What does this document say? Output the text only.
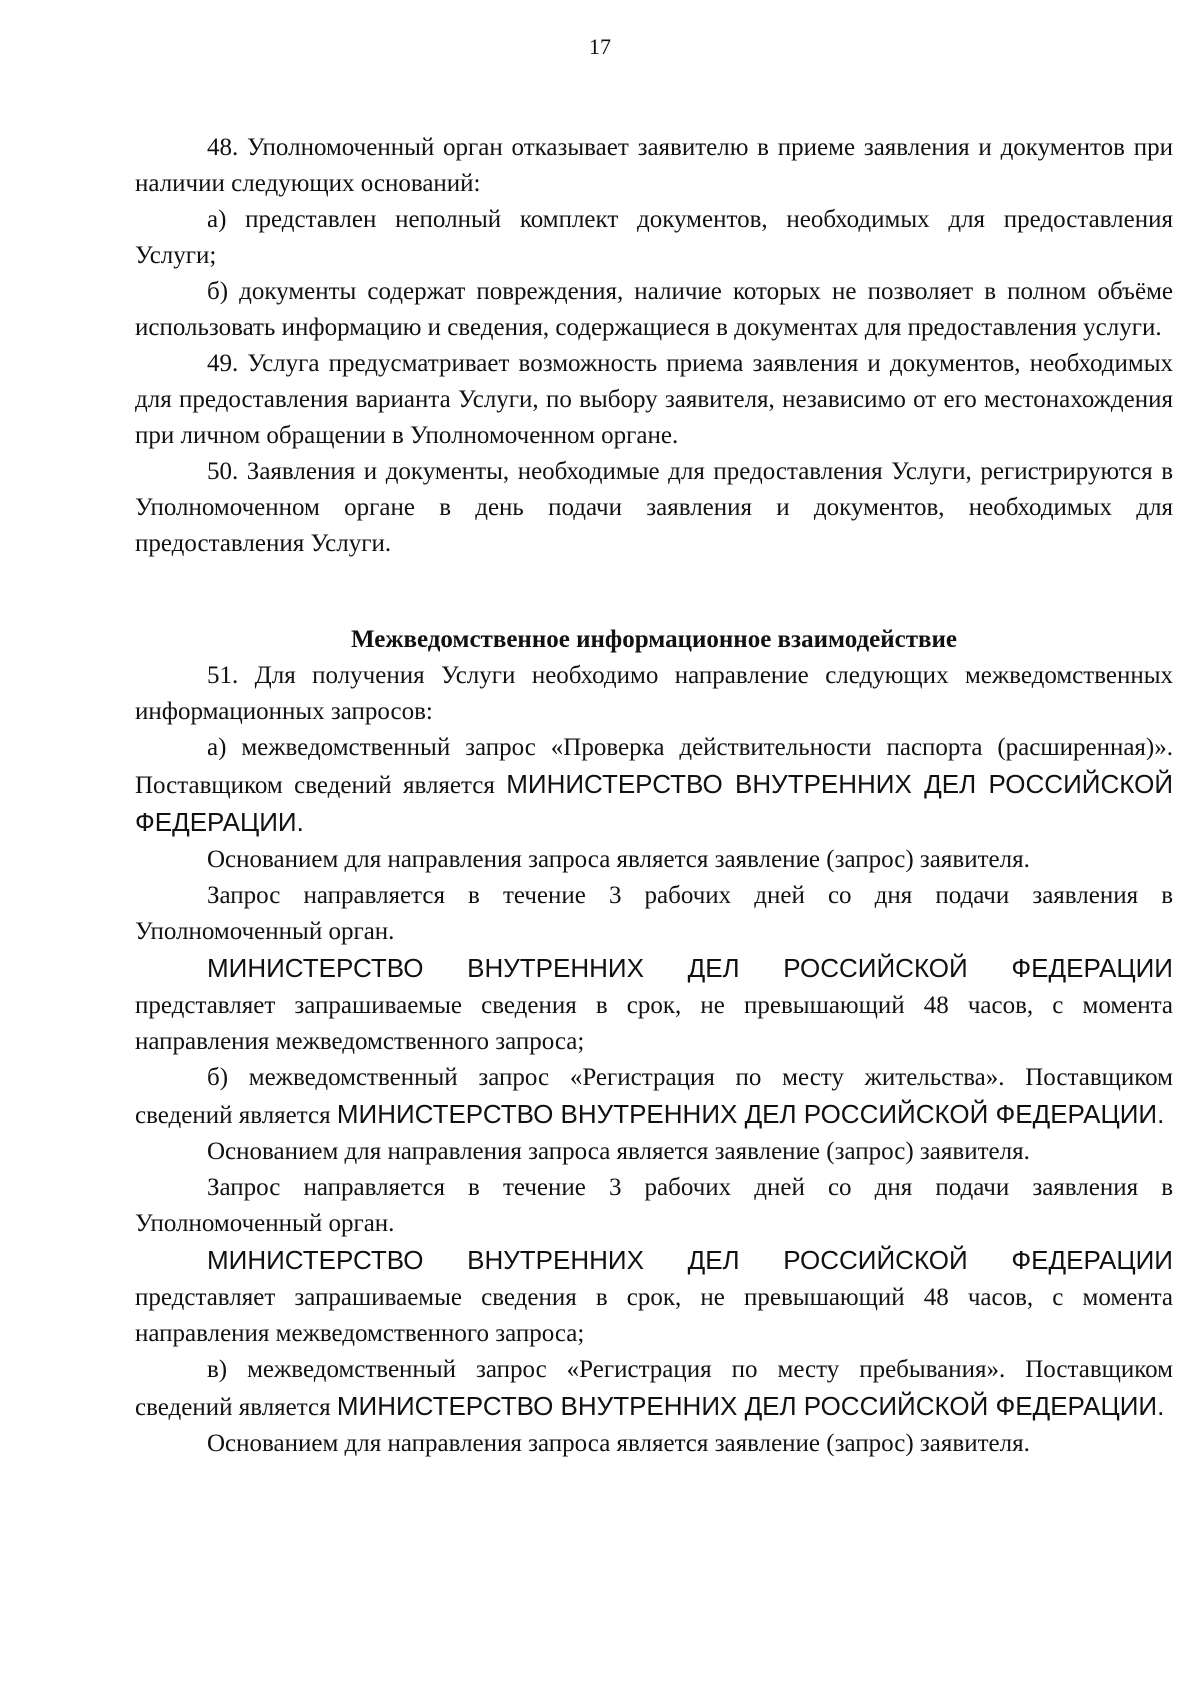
17

48. Уполномоченный орган отказывает заявителю в приеме заявления и документов при наличии следующих оснований:

а) представлен неполный комплект документов, необходимых для предоставления Услуги;

б) документы содержат повреждения, наличие которых не позволяет в полном объёме использовать информацию и сведения, содержащиеся в документах для предоставления услуги.

49. Услуга предусматривает возможность приема заявления и документов, необходимых для предоставления варианта Услуги, по выбору заявителя, независимо от его местонахождения при личном обращении в Уполномоченном органе.

50. Заявления и документы, необходимые для предоставления Услуги, регистрируются в Уполномоченном органе в день подачи заявления и документов, необходимых для предоставления Услуги.

Межведомственное информационное взаимодействие

51. Для получения Услуги необходимо направление следующих межведомственных информационных запросов:

а) межведомственный запрос «Проверка действительности паспорта (расширенная)». Поставщиком сведений является МИНИСТЕРСТВО ВНУТРЕННИХ ДЕЛ РОССИЙСКОЙ ФЕДЕРАЦИИ.

Основанием для направления запроса является заявление (запрос) заявителя.

Запрос направляется в течение 3 рабочих дней со дня подачи заявления в Уполномоченный орган.

МИНИСТЕРСТВО ВНУТРЕННИХ ДЕЛ РОССИЙСКОЙ ФЕДЕРАЦИИ представляет запрашиваемые сведения в срок, не превышающий 48 часов, с момента направления межведомственного запроса;

б) межведомственный запрос «Регистрация по месту жительства». Поставщиком сведений является МИНИСТЕРСТВО ВНУТРЕННИХ ДЕЛ РОССИЙСКОЙ ФЕДЕРАЦИИ.

Основанием для направления запроса является заявление (запрос) заявителя.

Запрос направляется в течение 3 рабочих дней со дня подачи заявления в Уполномоченный орган.

МИНИСТЕРСТВО ВНУТРЕННИХ ДЕЛ РОССИЙСКОЙ ФЕДЕРАЦИИ представляет запрашиваемые сведения в срок, не превышающий 48 часов, с момента направления межведомственного запроса;

в) межведомственный запрос «Регистрация по месту пребывания». Поставщиком сведений является МИНИСТЕРСТВО ВНУТРЕННИХ ДЕЛ РОССИЙСКОЙ ФЕДЕРАЦИИ.

Основанием для направления запроса является заявление (запрос) заявителя.
